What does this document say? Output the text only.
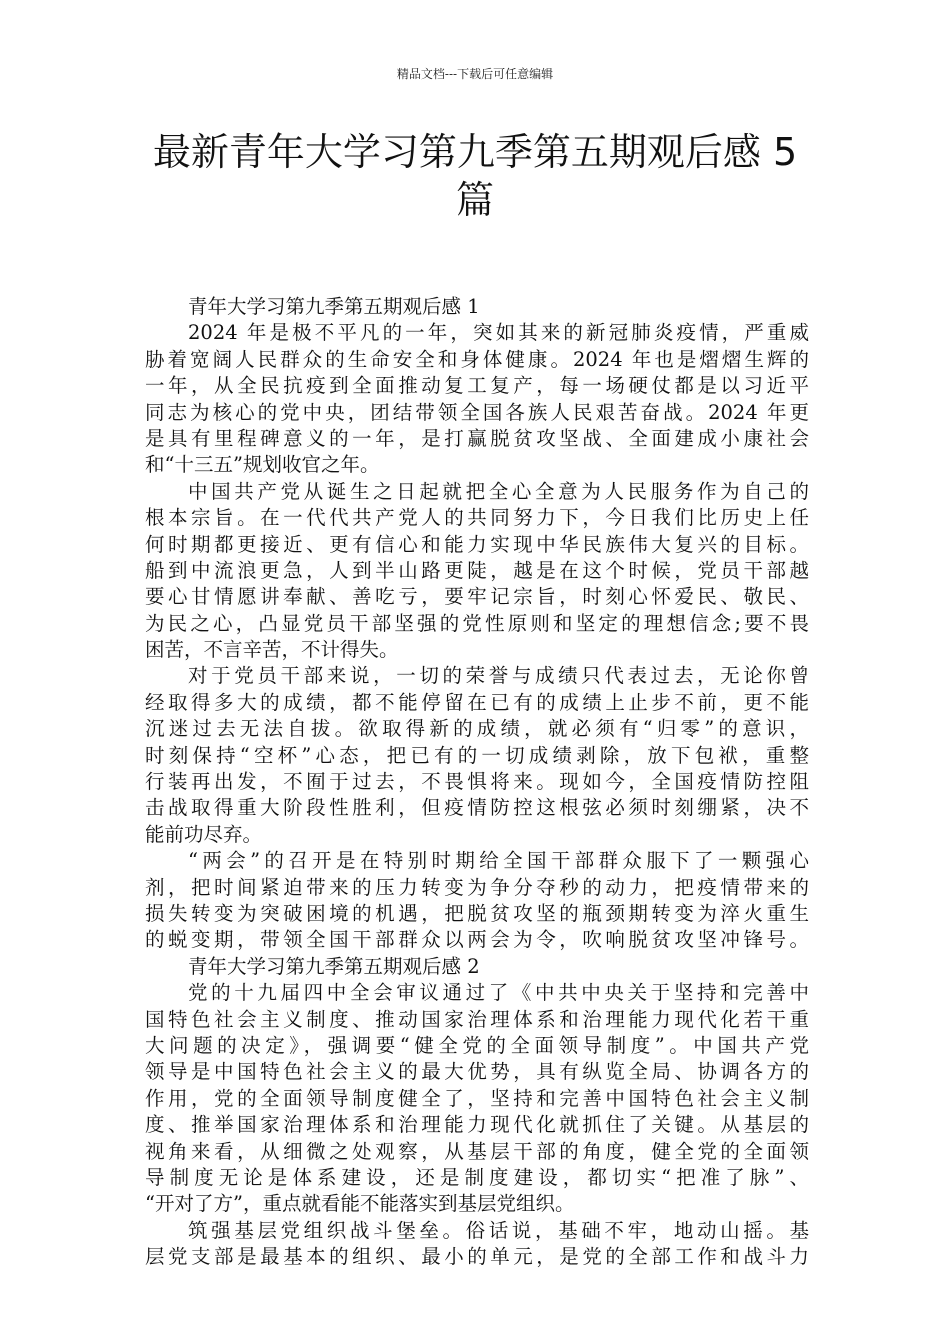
精品文档---下载后可任意编辑
最新青年大学习第九季第五期观后感 5
篇
青年大学习第九季第五期观后感 1
2024 年是极不平凡的一年，突如其来的新冠肺炎疫情，严重威
胁着宽阔人民群众的生命安全和身体健康。2024 年也是熠熠生辉的
一年，从全民抗疫到全面推动复工复产，每一场硬仗都是以习近平
同志为核心的党中央，团结带领全国各族人民艰苦奋战。2024 年更
是具有里程碑意义的一年，是打赢脱贫攻坚战、全面建成小康社会
和“十三五”规划收官之年。
中国共产党从诞生之日起就把全心全意为人民服务作为自己的
根本宗旨。在一代代共产党人的共同努力下，今日我们比历史上任
何时期都更接近、更有信心和能力实现中华民族伟大复兴的目标。
船到中流浪更急，人到半山路更陡，越是在这个时候，党员干部越
要心甘情愿讲奉献、善吃亏，要牢记宗旨，时刻心怀爱民、敬民、
为民之心，凸显党员干部坚强的党性原则和坚定的理想信念;要不畏
困苦，不言辛苦，不计得失。
对于党员干部来说，一切的荣誉与成绩只代表过去，无论你曾
经取得多大的成绩，都不能停留在已有的成绩上止步不前，更不能
沉迷过去无法自拔。欲取得新的成绩，就必须有“归零”的意识，
时刻保持“空杯”心态，把已有的一切成绩剥除，放下包袱，重整
行装再出发，不囿于过去，不畏惧将来。现如今，全国疫情防控阻
击战取得重大阶段性胜利，但疫情防控这根弦必须时刻绷紧，决不
能前功尽弃。
“两会”的召开是在特别时期给全国干部群众服下了一颗强心
剂，把时间紧迫带来的压力转变为争分夺秒的动力，把疫情带来的
损失转变为突破困境的机遇，把脱贫攻坚的瓶颈期转变为淬火重生
的蜕变期，带领全国干部群众以两会为令，吹响脱贫攻坚冲锋号。
青年大学习第九季第五期观后感 2
党的十九届四中全会审议通过了《中共中央关于坚持和完善中
国特色社会主义制度、推动国家治理体系和治理能力现代化若干重
大问题的决定》，强调要“健全党的全面领导制度”。中国共产党
领导是中国特色社会主义的最大优势，具有纵览全局、协调各方的
作用，党的全面领导制度健全了，坚持和完善中国特色社会主义制
度、推举国家治理体系和治理能力现代化就抓住了关键。从基层的
视角来看，从细微之处观察，从基层干部的角度，健全党的全面领
导制度无论是体系建设，还是制度建设，都切实“把准了脉”、
“开对了方”，重点就看能不能落实到基层党组织。
筑强基层党组织战斗堡垒。俗话说，基础不牢，地动山摇。基
层党支部是最基本的组织、最小的单元，是党的全部工作和战斗力
